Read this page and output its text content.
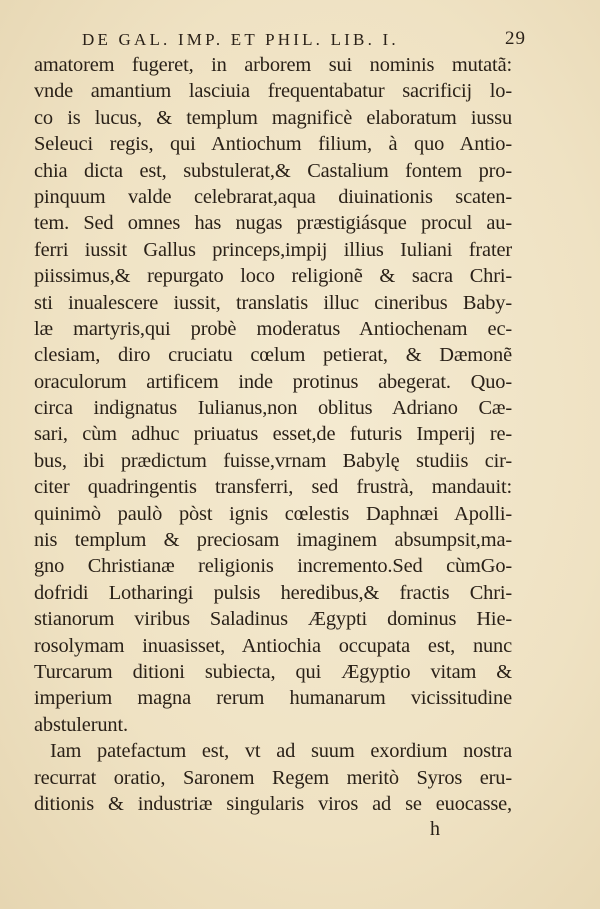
DE GAL. IMP. ET PHIL. LIB. I.	29
amatorem fugeret, in arborem sui nominis mutatã:
vnde amantium lasciuia frequentabatur sacrificij lo-
co is lucus, & templum magnificè elaboratum iussu
Seleuci regis, qui Antiochum filium, à quo Antio-
chia dicta est, substulerat,& Castalium fontem pro-
pinquum valde celebrarat,aqua diuinationis scaten-
tem. Sed omnes has nugas præstigiásque procul au-
ferri iussit Gallus princeps,impij illius Iuliani frater
piissimus,& repurgato loco religionẽ & sacra Chri-
sti inualescere iussit, translatis illuc cineribus Baby-
læ martyris,qui probè moderatus Antiochenam ec-
clesiam, diro cruciatu cœlum petierat, & Dæmonẽ
oraculorum artificem inde protinus abegerat. Quo-
circa indignatus Iulianus,non oblitus Adriano Cæ-
sari, cùm adhuc priuatus esset,de futuris Imperij re-
bus, ibi prædictum fuisse,vrnam Babylę studiis cir-
citer quadringentis transferri, sed frustrà, mandauit:
quinimò paulò pòst ignis cœlestis Daphnæi Apolli-
nis templum & preciosam imaginem absumpsit,ma-
gno Christianæ religionis incremento.Sed cùmGo-
dofridi Lotharingi pulsis heredibus,& fractis Chri-
stianorum viribus Saladinus Ægypti dominus Hie-
rosolymam inuasisset, Antiochia occupata est, nunc
Turcarum ditioni subiecta, qui Ægyptio vitam &
imperium magna rerum humanarum vicissitudine
abstulerunt.
Iam patefactum est, vt ad suum exordium nostra
recurrat oratio, Saronem Regem meritò Syros eru-
ditionis & industriæ singularis viros ad se euocasse,
h
